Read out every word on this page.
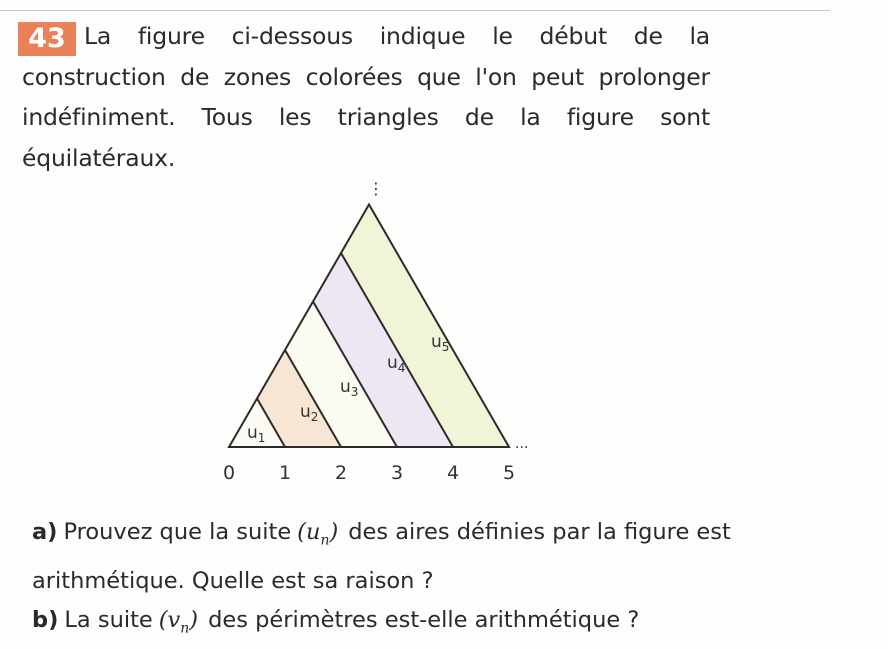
43 La figure ci-dessous indique le début de la construction de zones colorées que l'on peut prolonger indéfiniment. Tous les triangles de la figure sont équilatéraux.

$u_1$
$u_2$
$u_3$
$u_4$
$u_5$
0 1 2 3 4 5
...
⋮

a) Prouvez que la suite $(u_n)$ des aires définies par la figure est arithmétique. Quelle est sa raison ?

b) La suite $(v_n)$ des périmètres est-elle arithmétique ?
